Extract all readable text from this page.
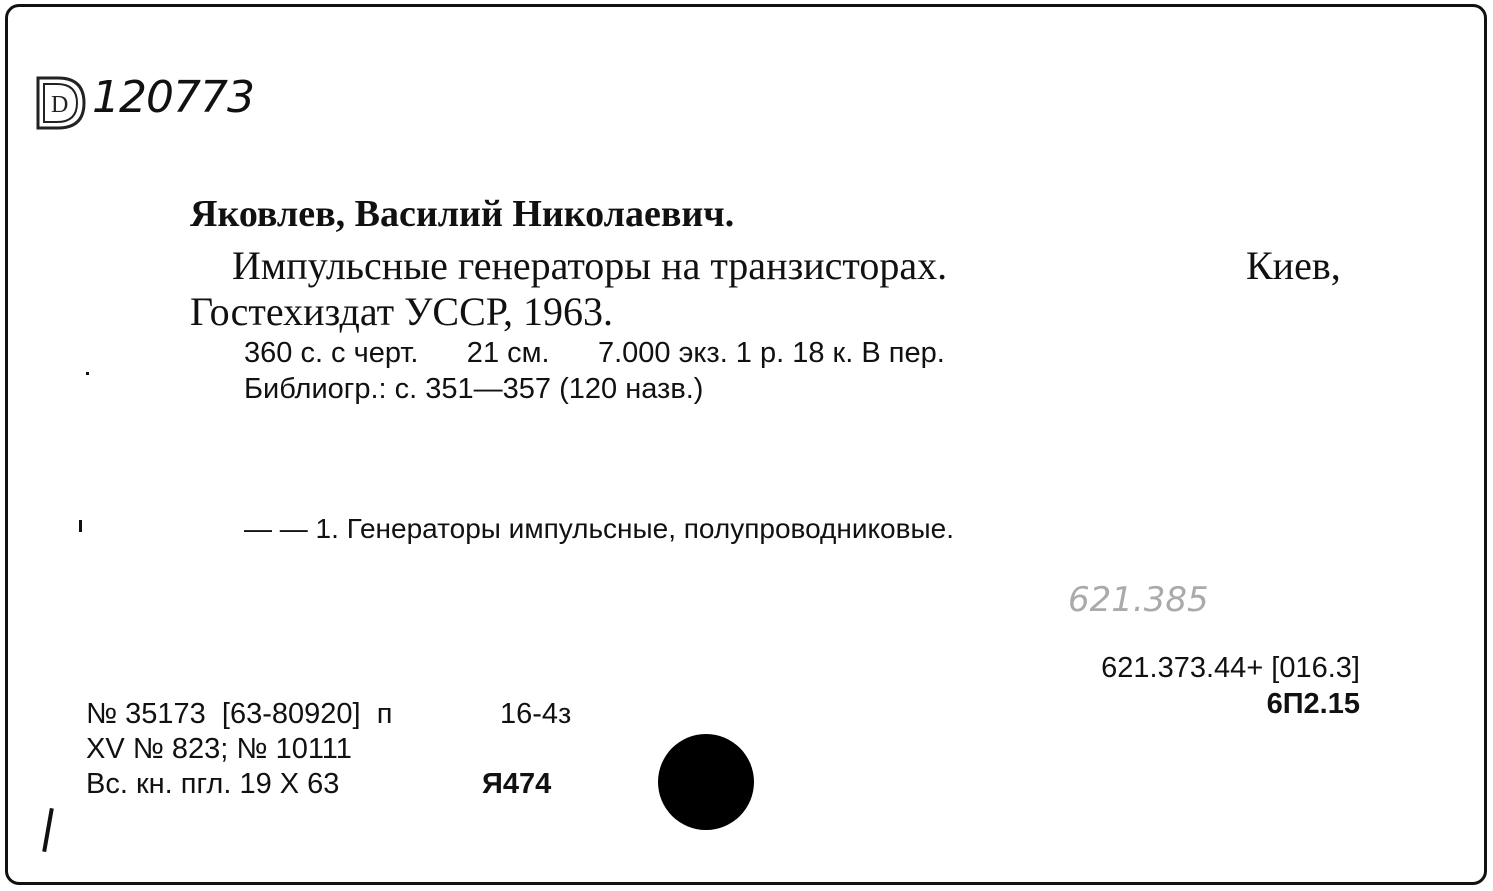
D 120773
Яковлев, Василий Николаевич.
Импульсные генераторы на транзисторах.	Киев,
Гостехиздат УССР, 1963.
360 с. с черт.      21 см.      7.000 экз. 1 р. 18 к. В пер.
Библиогр.: с. 351—357 (120 назв.)
— — 1. Генераторы импульсные, полупроводниковые.
621.385
621.373.44+ [016.3]
6П2.15
№ 35173  [63-80920]  п	16-4з
XV № 823; № 10111
Вс. кн. пгл. 19 X 63	Я474
